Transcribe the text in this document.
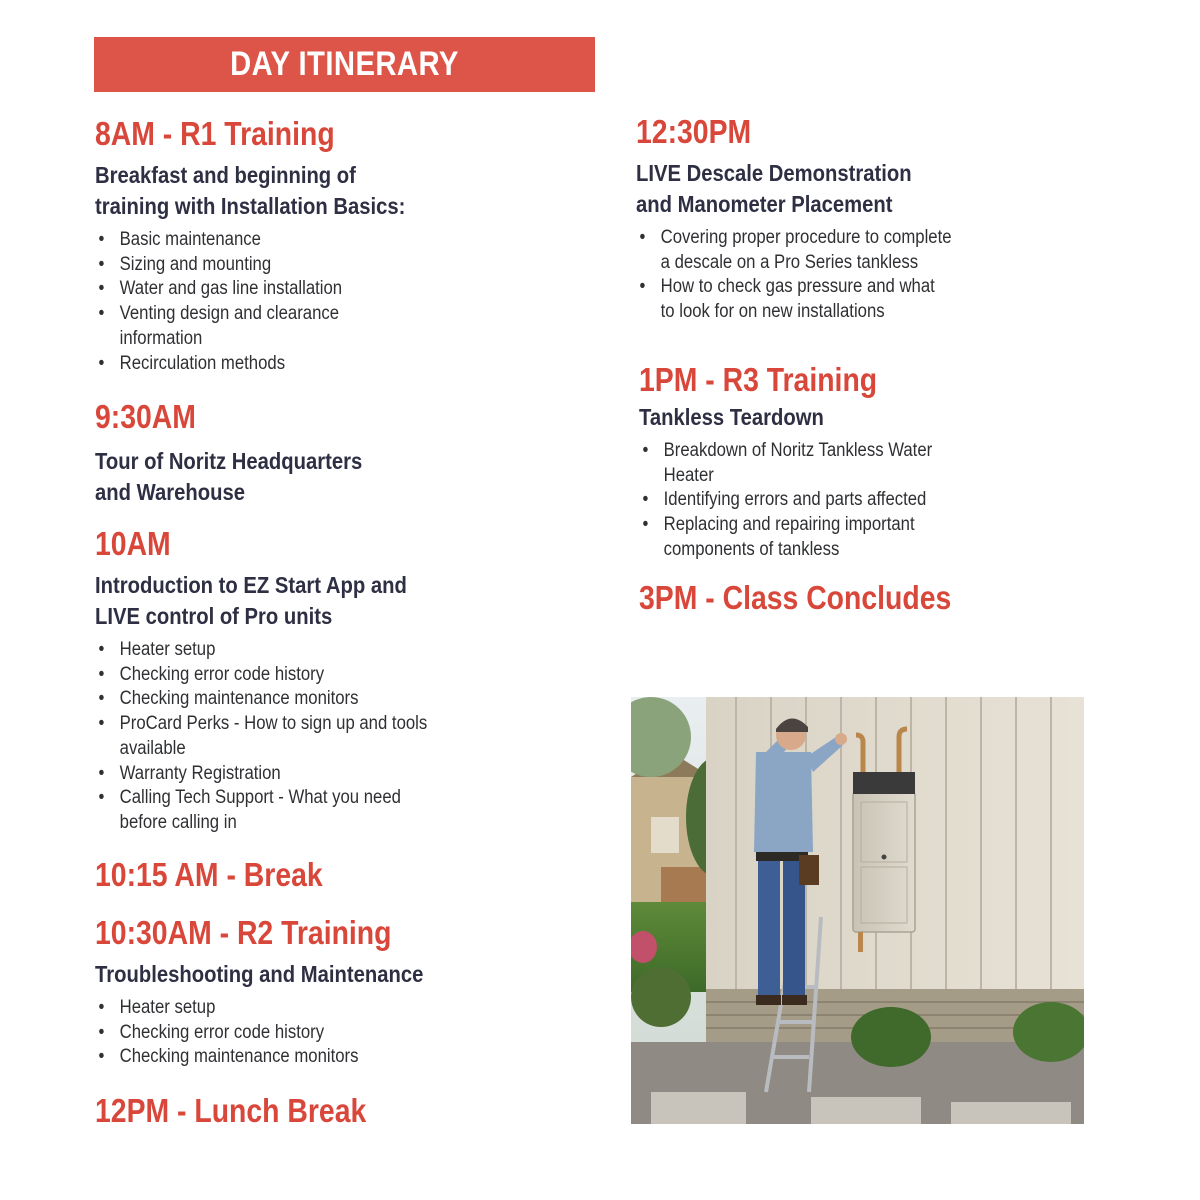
DAY ITINERARY
8AM - R1 Training
Breakfast and beginning of
training with Installation Basics:
• Basic maintenance
• Sizing and mounting
• Water and gas line installation
• Venting design and clearance
information
• Recirculation methods
9:30AM
Tour of Noritz Headquarters
and Warehouse
10AM
Introduction to EZ Start App and
LIVE control of Pro units
• Heater setup
• Checking error code history
• Checking maintenance monitors
• ProCard Perks - How to sign up and tools
available
• Warranty Registration
• Calling Tech Support - What you need
before calling in
10:15 AM - Break
10:30AM - R2 Training
Troubleshooting and Maintenance
• Heater setup
• Checking error code history
• Checking maintenance monitors
12PM - Lunch Break
12:30PM
LIVE Descale Demonstration
and Manometer Placement
• Covering proper procedure to complete
a descale on a Pro Series tankless
• How to check gas pressure and what
to look for on new installations
1PM - R3 Training
Tankless Teardown
• Breakdown of Noritz Tankless Water
Heater
• Identifying errors and parts affected
• Replacing and repairing important
components of tankless
3PM - Class Concludes
